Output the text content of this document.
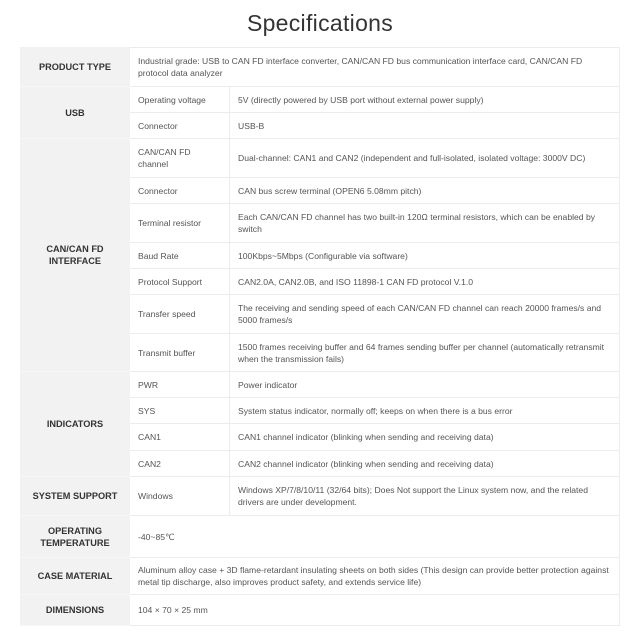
Specifications
PRODUCT TYPE	Industrial grade: USB to CAN FD interface converter, CAN/CAN FD bus communication interface card, CAN/CAN FD protocol data analyzer	
USB	Operating voltage	5V (directly powered by USB port without external power supply)
	Connector	USB-B
CAN/CAN FD INTERFACE	CAN/CAN FD channel	Dual-channel: CAN1 and CAN2 (independent and full-isolated, isolated voltage: 3000V DC)
	Connector	CAN bus screw terminal (OPEN6 5.08mm pitch)
	Terminal resistor	Each CAN/CAN FD channel has two built-in 120Ω terminal resistors, which can be enabled by switch
	Baud Rate	100Kbps~5Mbps (Configurable via software)
	Protocol Support	CAN2.0A, CAN2.0B, and ISO 11898-1 CAN FD protocol V.1.0
	Transfer speed	The receiving and sending speed of each CAN/CAN FD channel can reach 20000 frames/s and 5000 frames/s
	Transmit buffer	1500 frames receiving buffer and 64 frames sending buffer per channel (automatically retransmit when the transmission fails)
INDICATORS	PWR	Power indicator
	SYS	System status indicator, normally off; keeps on when there is a bus error
	CAN1	CAN1 channel indicator (blinking when sending and receiving data)
	CAN2	CAN2 channel indicator (blinking when sending and receiving data)
SYSTEM SUPPORT	Windows	Windows XP/7/8/10/11 (32/64 bits); Does Not support the Linux system now, and the related drivers are under development.
OPERATING TEMPERATURE	-40~85℃	
CASE MATERIAL	Aluminum alloy case + 3D flame-retardant insulating sheets on both sides (This design can provide better protection against metal tip discharge, also improves product safety, and extends service life)	
DIMENSIONS	104 × 70 × 25 mm	
